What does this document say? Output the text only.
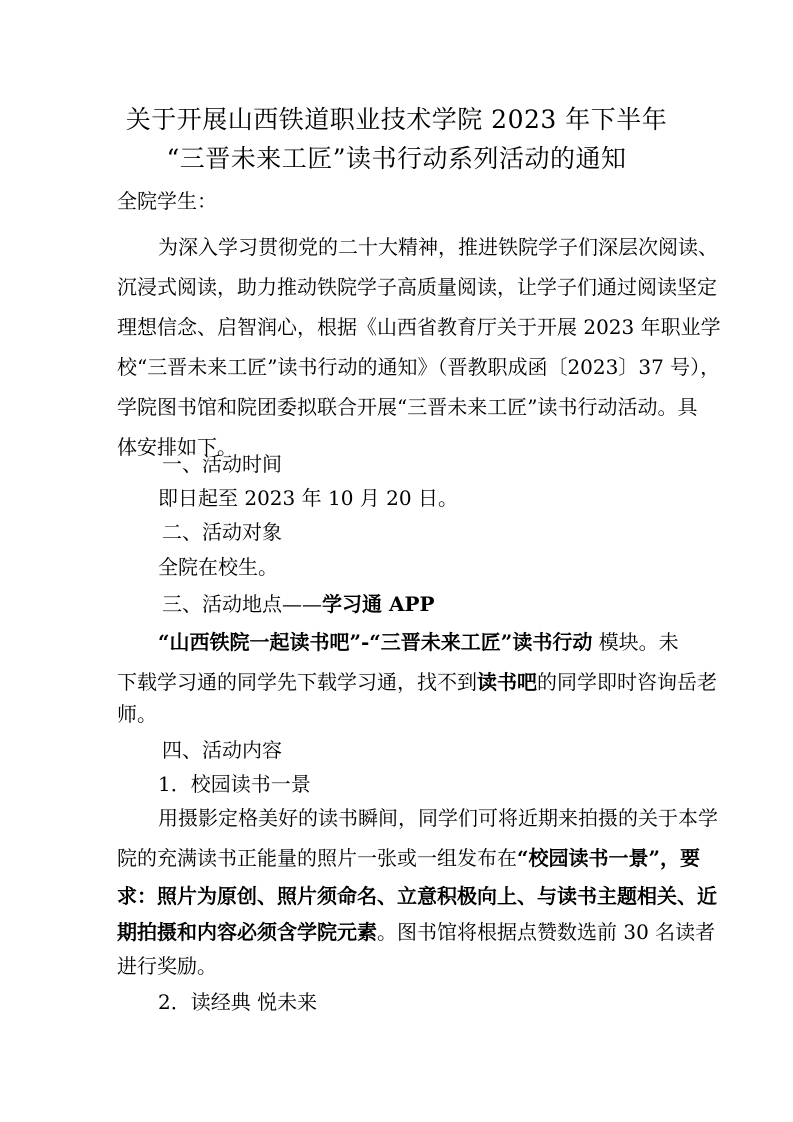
关于开展山西铁道职业技术学院 2023 年下半年
“三晋未来工匠”读书行动系列活动的通知
全院学生：
为深入学习贯彻党的二十大精神，推进铁院学子们深层次阅读、
沉浸式阅读，助力推动铁院学子高质量阅读，让学子们通过阅读坚定
理想信念、启智润心，根据《山西省教育厅关于开展 2023 年职业学
校“三晋未来工匠”读书行动的通知》（晋教职成函〔2023〕37 号），
学院图书馆和院团委拟联合开展“三晋未来工匠”读书行动活动。具
体安排如下。
一、活动时间
即日起至 2023 年 10 月 20 日。
二、活动对象
全院在校生。
三、活动地点——学习通 APP
“山西铁院一起读书吧”-“三晋未来工匠”读书行动 模块。未
下载学习通的同学先下载学习通，找不到读书吧的同学即时咨询岳老
师。
四、活动内容
1．校园读书一景
用摄影定格美好的读书瞬间，同学们可将近期来拍摄的关于本学
院的充满读书正能量的照片一张或一组发布在“校园读书一景”，要
求：照片为原创、照片须命名、立意积极向上、与读书主题相关、近
期拍摄和内容必须含学院元素。图书馆将根据点赞数选前 30 名读者
进行奖励。
2．读经典 悦未来
